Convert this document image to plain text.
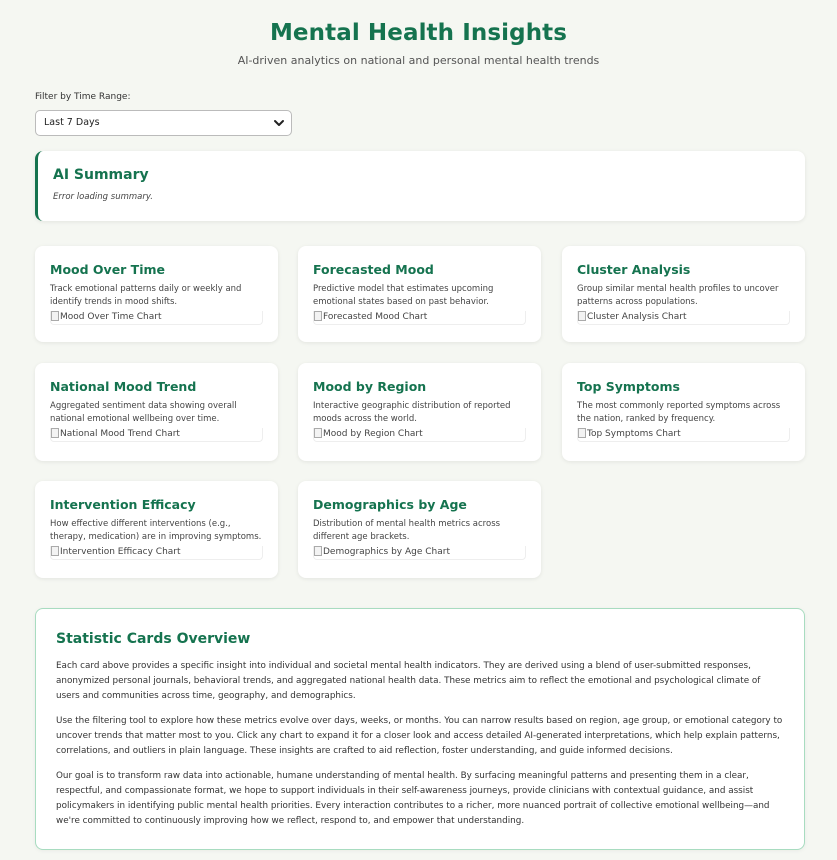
Mental Health Insights
AI-driven analytics on national and personal mental health trends
Filter by Time Range:
Last 7 Days
AI Summary
Error loading summary.
Mood Over Time
Track emotional patterns daily or weekly and identify trends in mood shifts.
Mood Over Time Chart
Forecasted Mood
Predictive model that estimates upcoming emotional states based on past behavior.
Forecasted Mood Chart
Cluster Analysis
Group similar mental health profiles to uncover patterns across populations.
Cluster Analysis Chart
National Mood Trend
Aggregated sentiment data showing overall national emotional wellbeing over time.
National Mood Trend Chart
Mood by Region
Interactive geographic distribution of reported moods across the world.
Mood by Region Chart
Top Symptoms
The most commonly reported symptoms across the nation, ranked by frequency.
Top Symptoms Chart
Intervention Efficacy
How effective different interventions (e.g., therapy, medication) are in improving symptoms.
Intervention Efficacy Chart
Demographics by Age
Distribution of mental health metrics across different age brackets.
Demographics by Age Chart
Statistic Cards Overview

Each card above provides a specific insight into individual and societal mental health indicators. They are derived using a blend of user-submitted responses, anonymized personal journals, behavioral trends, and aggregated national health data. These metrics aim to reflect the emotional and psychological climate of users and communities across time, geography, and demographics.

Use the filtering tool to explore how these metrics evolve over days, weeks, or months. You can narrow results based on region, age group, or emotional category to uncover trends that matter most to you. Click any chart to expand it for a closer look and access detailed AI-generated interpretations, which help explain patterns, correlations, and outliers in plain language. These insights are crafted to aid reflection, foster understanding, and guide informed decisions.

Our goal is to transform raw data into actionable, humane understanding of mental health. By surfacing meaningful patterns and presenting them in a clear, respectful, and compassionate format, we hope to support individuals in their self-awareness journeys, provide clinicians with contextual guidance, and assist policymakers in identifying public mental health priorities. Every interaction contributes to a richer, more nuanced portrait of collective emotional wellbeing—and we're committed to continuously improving how we reflect, respond to, and empower that understanding.
